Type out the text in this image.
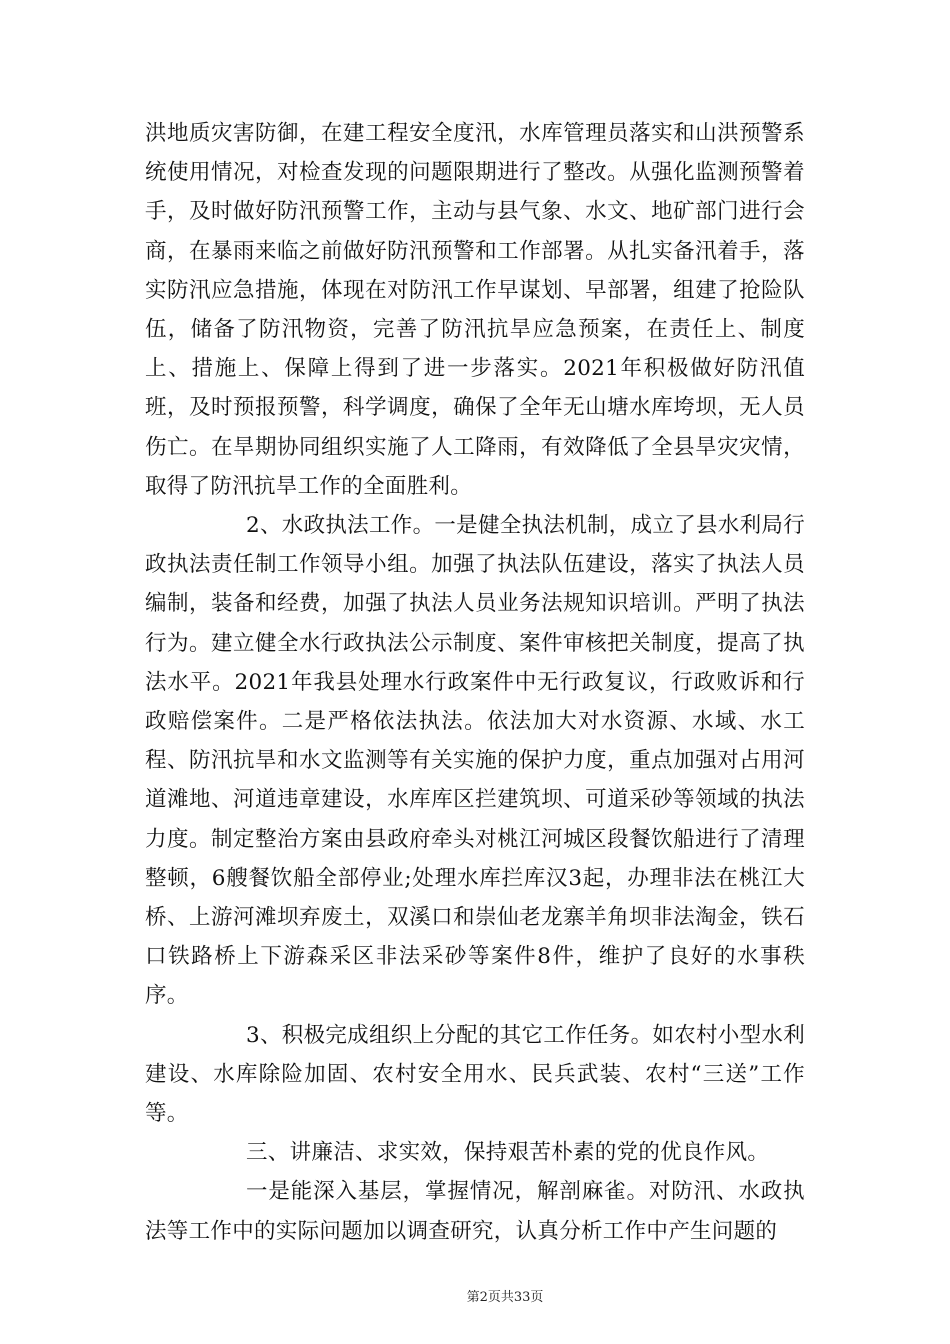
洪地质灾害防御，在建工程安全度汛，水库管理员落实和山洪预警系统使用情况，对检查发现的问题限期进行了整改。从强化监测预警着手，及时做好防汛预警工作，主动与县气象、水文、地矿部门进行会商，在暴雨来临之前做好防汛预警和工作部署。从扎实备汛着手，落实防汛应急措施，体现在对防汛工作早谋划、早部署，组建了抢险队伍，储备了防汛物资，完善了防汛抗旱应急预案，在责任上、制度上、措施上、保障上得到了进一步落实。2021年积极做好防汛值班，及时预报预警，科学调度，确保了全年无山塘水库垮坝，无人员伤亡。在旱期协同组织实施了人工降雨，有效降低了全县旱灾灾情，取得了防汛抗旱工作的全面胜利。

2、水政执法工作。一是健全执法机制，成立了县水利局行政执法责任制工作领导小组。加强了执法队伍建设，落实了执法人员编制，装备和经费，加强了执法人员业务法规知识培训。严明了执法行为。建立健全水行政执法公示制度、案件审核把关制度，提高了执法水平。2021年我县处理水行政案件中无行政复议，行政败诉和行政赔偿案件。二是严格依法执法。依法加大对水资源、水域、水工程、防汛抗旱和水文监测等有关实施的保护力度，重点加强对占用河道滩地、河道违章建设，水库库区拦建筑坝、可道采砂等领域的执法力度。制定整治方案由县政府牵头对桃江河城区段餐饮船进行了清理整顿，6艘餐饮船全部停业;处理水库拦库汉3起，办理非法在桃江大桥、上游河滩坝弃废土，双溪口和崇仙老龙寨羊角坝非法淘金，铁石口铁路桥上下游森采区非法采砂等案件8件，维护了良好的水事秩序。

3、积极完成组织上分配的其它工作任务。如农村小型水利建设、水库除险加固、农村安全用水、民兵武装、农村“三送”工作等。

三、讲廉洁、求实效，保持艰苦朴素的党的优良作风。

一是能深入基层，掌握情况，解剖麻雀。对防汛、水政执法等工作中的实际问题加以调查研究，认真分析工作中产生问题的

第2页共33页
